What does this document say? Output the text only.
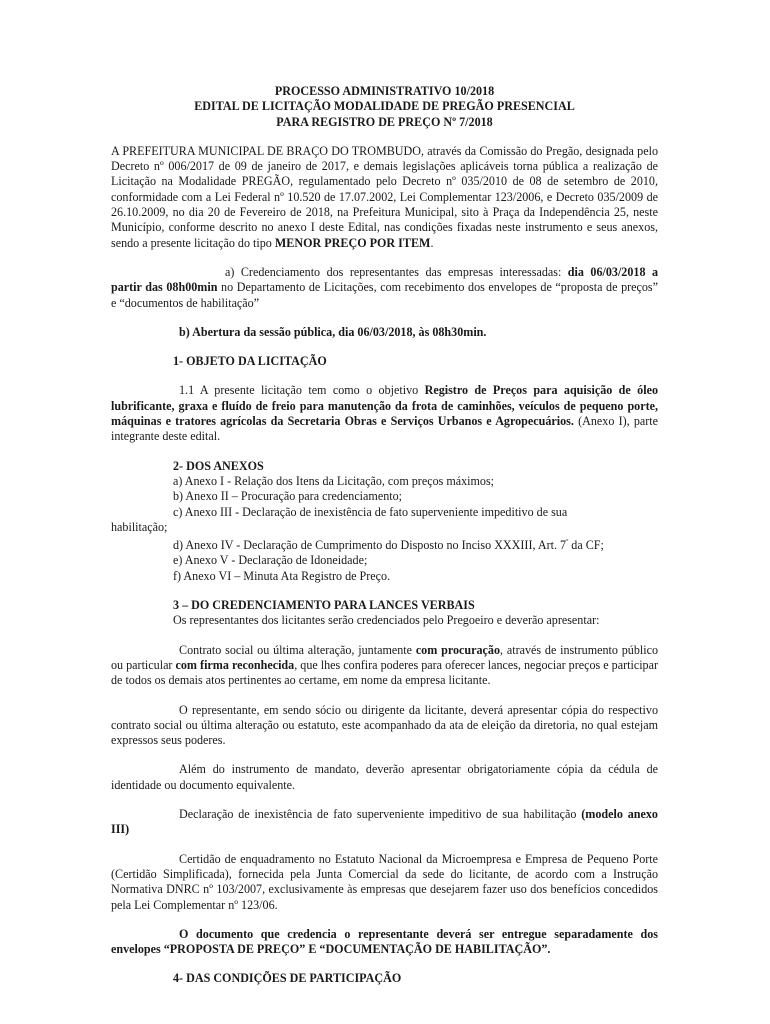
PROCESSO ADMINISTRATIVO 10/2018
EDITAL DE LICITAÇÃO MODALIDADE DE PREGÃO PRESENCIAL
PARA REGISTRO DE PREÇO Nº 7/2018

A PREFEITURA MUNICIPAL DE BRAÇO DO TROMBUDO, através da Comissão do Pregão, designada pelo Decreto nº 006/2017 de 09 de janeiro de 2017, e demais legislações aplicáveis torna pública a realização de Licitação na Modalidade PREGÃO, regulamentado pelo Decreto nº 035/2010 de 08 de setembro de 2010, conformidade com a Lei Federal nº 10.520 de 17.07.2002, Lei Complementar 123/2006, e Decreto 035/2009 de 26.10.2009, no dia 20 de Fevereiro de 2018, na Prefeitura Municipal, sito à Praça da Independência 25, neste Município, conforme descrito no anexo I deste Edital, nas condições fixadas neste instrumento e seus anexos, sendo a presente licitação do tipo MENOR PREÇO POR ITEM.

a) Credenciamento dos representantes das empresas interessadas: dia 06/03/2018 a partir das 08h00min no Departamento de Licitações, com recebimento dos envelopes de “proposta de preços” e “documentos de habilitação”

b) Abertura da sessão pública, dia 06/03/2018, às 08h30min.

1- OBJETO DA LICITAÇÃO

1.1 A presente licitação tem como o objetivo Registro de Preços para aquisição de óleo lubrificante, graxa e fluído de freio para manutenção da frota de caminhões, veículos de pequeno porte, máquinas e tratores agrícolas da Secretaria Obras e Serviços Urbanos e Agropecuários. (Anexo I), parte integrante deste edital.

2- DOS ANEXOS

a) Anexo I - Relação dos Itens da Licitação, com preços máximos;

b) Anexo II – Procuração para credenciamento;

c) Anexo III - Declaração de inexistência de fato superveniente impeditivo de sua

habilitação;

d) Anexo IV - Declaração de Cumprimento do Disposto no Inciso XXXIII, Art. $7^º$ da CF;

e) Anexo V - Declaração de Idoneidade;

f) Anexo VI – Minuta Ata Registro de Preço.

3 – DO CREDENCIAMENTO PARA LANCES VERBAIS

Os representantes dos licitantes serão credenciados pelo Pregoeiro e deverão apresentar:

Contrato social ou última alteração, juntamente com procuração, através de instrumento público ou particular com firma reconhecida, que lhes confira poderes para oferecer lances, negociar preços e participar de todos os demais atos pertinentes ao certame, em nome da empresa licitante.

O representante, em sendo sócio ou dirigente da licitante, deverá apresentar cópia do respectivo contrato social ou última alteração ou estatuto, este acompanhado da ata de eleição da diretoria, no qual estejam expressos seus poderes.

Além do instrumento de mandato, deverão apresentar obrigatoriamente cópia da cédula de identidade ou documento equivalente.

Declaração de inexistência de fato superveniente impeditivo de sua habilitação (modelo anexo III)

Certidão de enquadramento no Estatuto Nacional da Microempresa e Empresa de Pequeno Porte (Certidão Simplificada), fornecida pela Junta Comercial da sede do licitante, de acordo com a Instrução Normativa DNRC nº 103/2007, exclusivamente às empresas que desejarem fazer uso dos benefícios concedidos pela Lei Complementar nº 123/06.

O documento que credencia o representante deverá ser entregue separadamente dos envelopes “PROPOSTA DE PREÇO” E “DOCUMENTAÇÃO DE HABILITAÇÃO”.

4- DAS CONDIÇÕES DE PARTICIPAÇÃO
